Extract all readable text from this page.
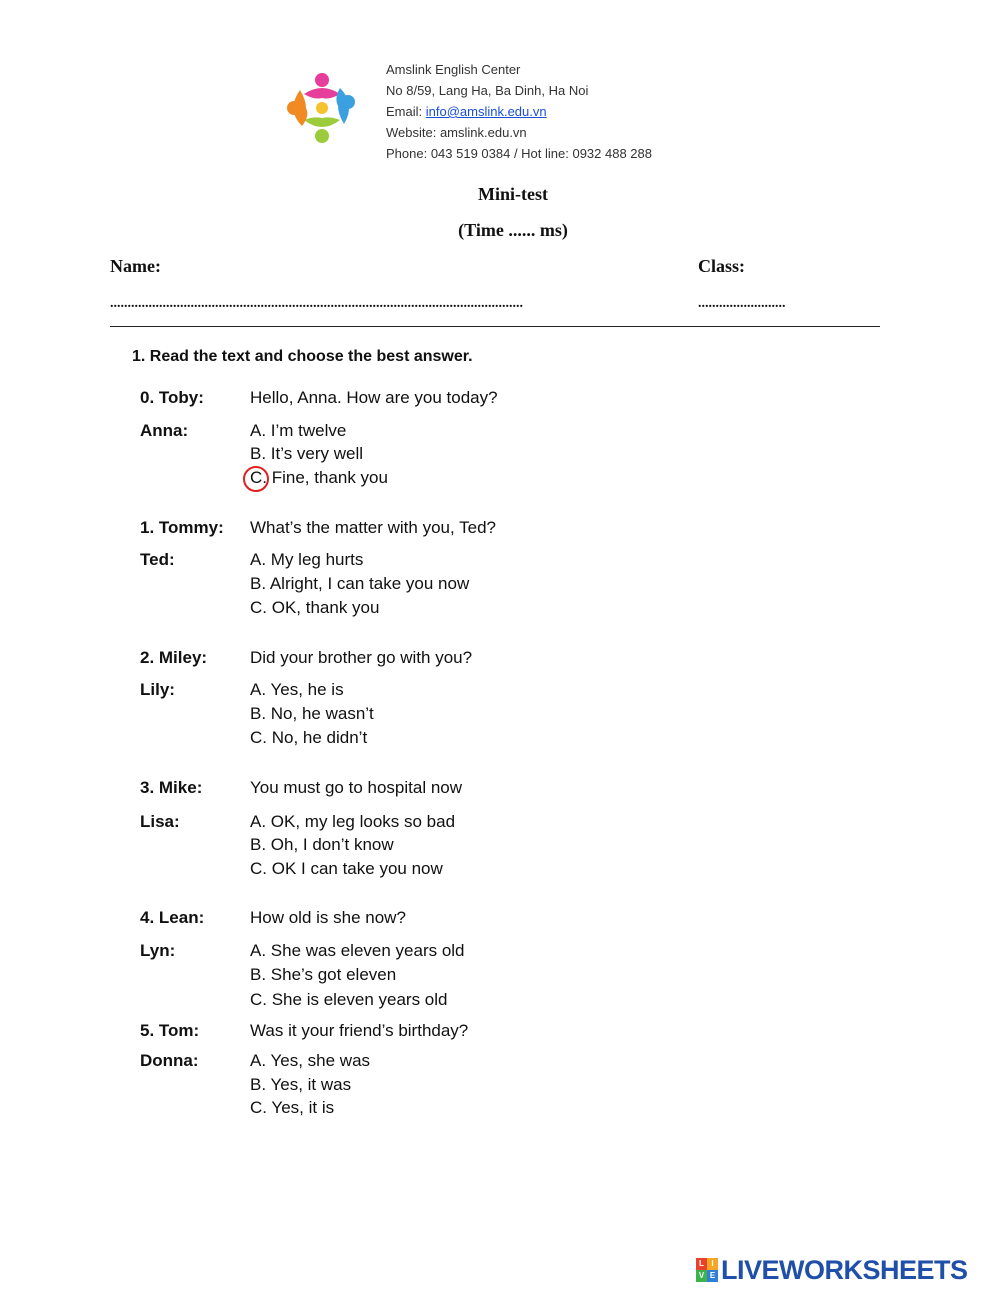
Amslink English Center
No 8/59, Lang Ha, Ba Dinh, Ha Noi
Email: info@amslink.edu.vn
Website: amslink.edu.vn
Phone: 043 519 0384 / Hot line: 0932 488 288
Mini-test
(Time ...... ms)
Name:	Class:
......................................................................................................................	.........................
1. Read the text and choose the best answer.
0. Toby:	Hello, Anna. How are you today?
Anna:	A. I’m twelve
B. It’s very well
C. Fine, thank you
1. Tommy: What’s the matter with you, Ted?
Ted:	A. My leg hurts
B. Alright, I can take you now
C. OK, thank you
2. Miley:	Did your brother go with you?
Lily:	A. Yes, he is
B. No, he wasn’t
C. No, he didn’t
3. Mike:	You must go to hospital now
Lisa:	A. OK, my leg looks so bad
B. Oh, I don’t know
C. OK I can take you now
4. Lean:	How old is she now?
Lyn:	A. She was eleven years old
B. She’s got eleven
C. She is eleven years old
5. Tom:	Was it your friend’s birthday?
Donna:	A. Yes, she was
B. Yes, it was
C. Yes, it is
L I
V E LIVEWORKSHEETS
